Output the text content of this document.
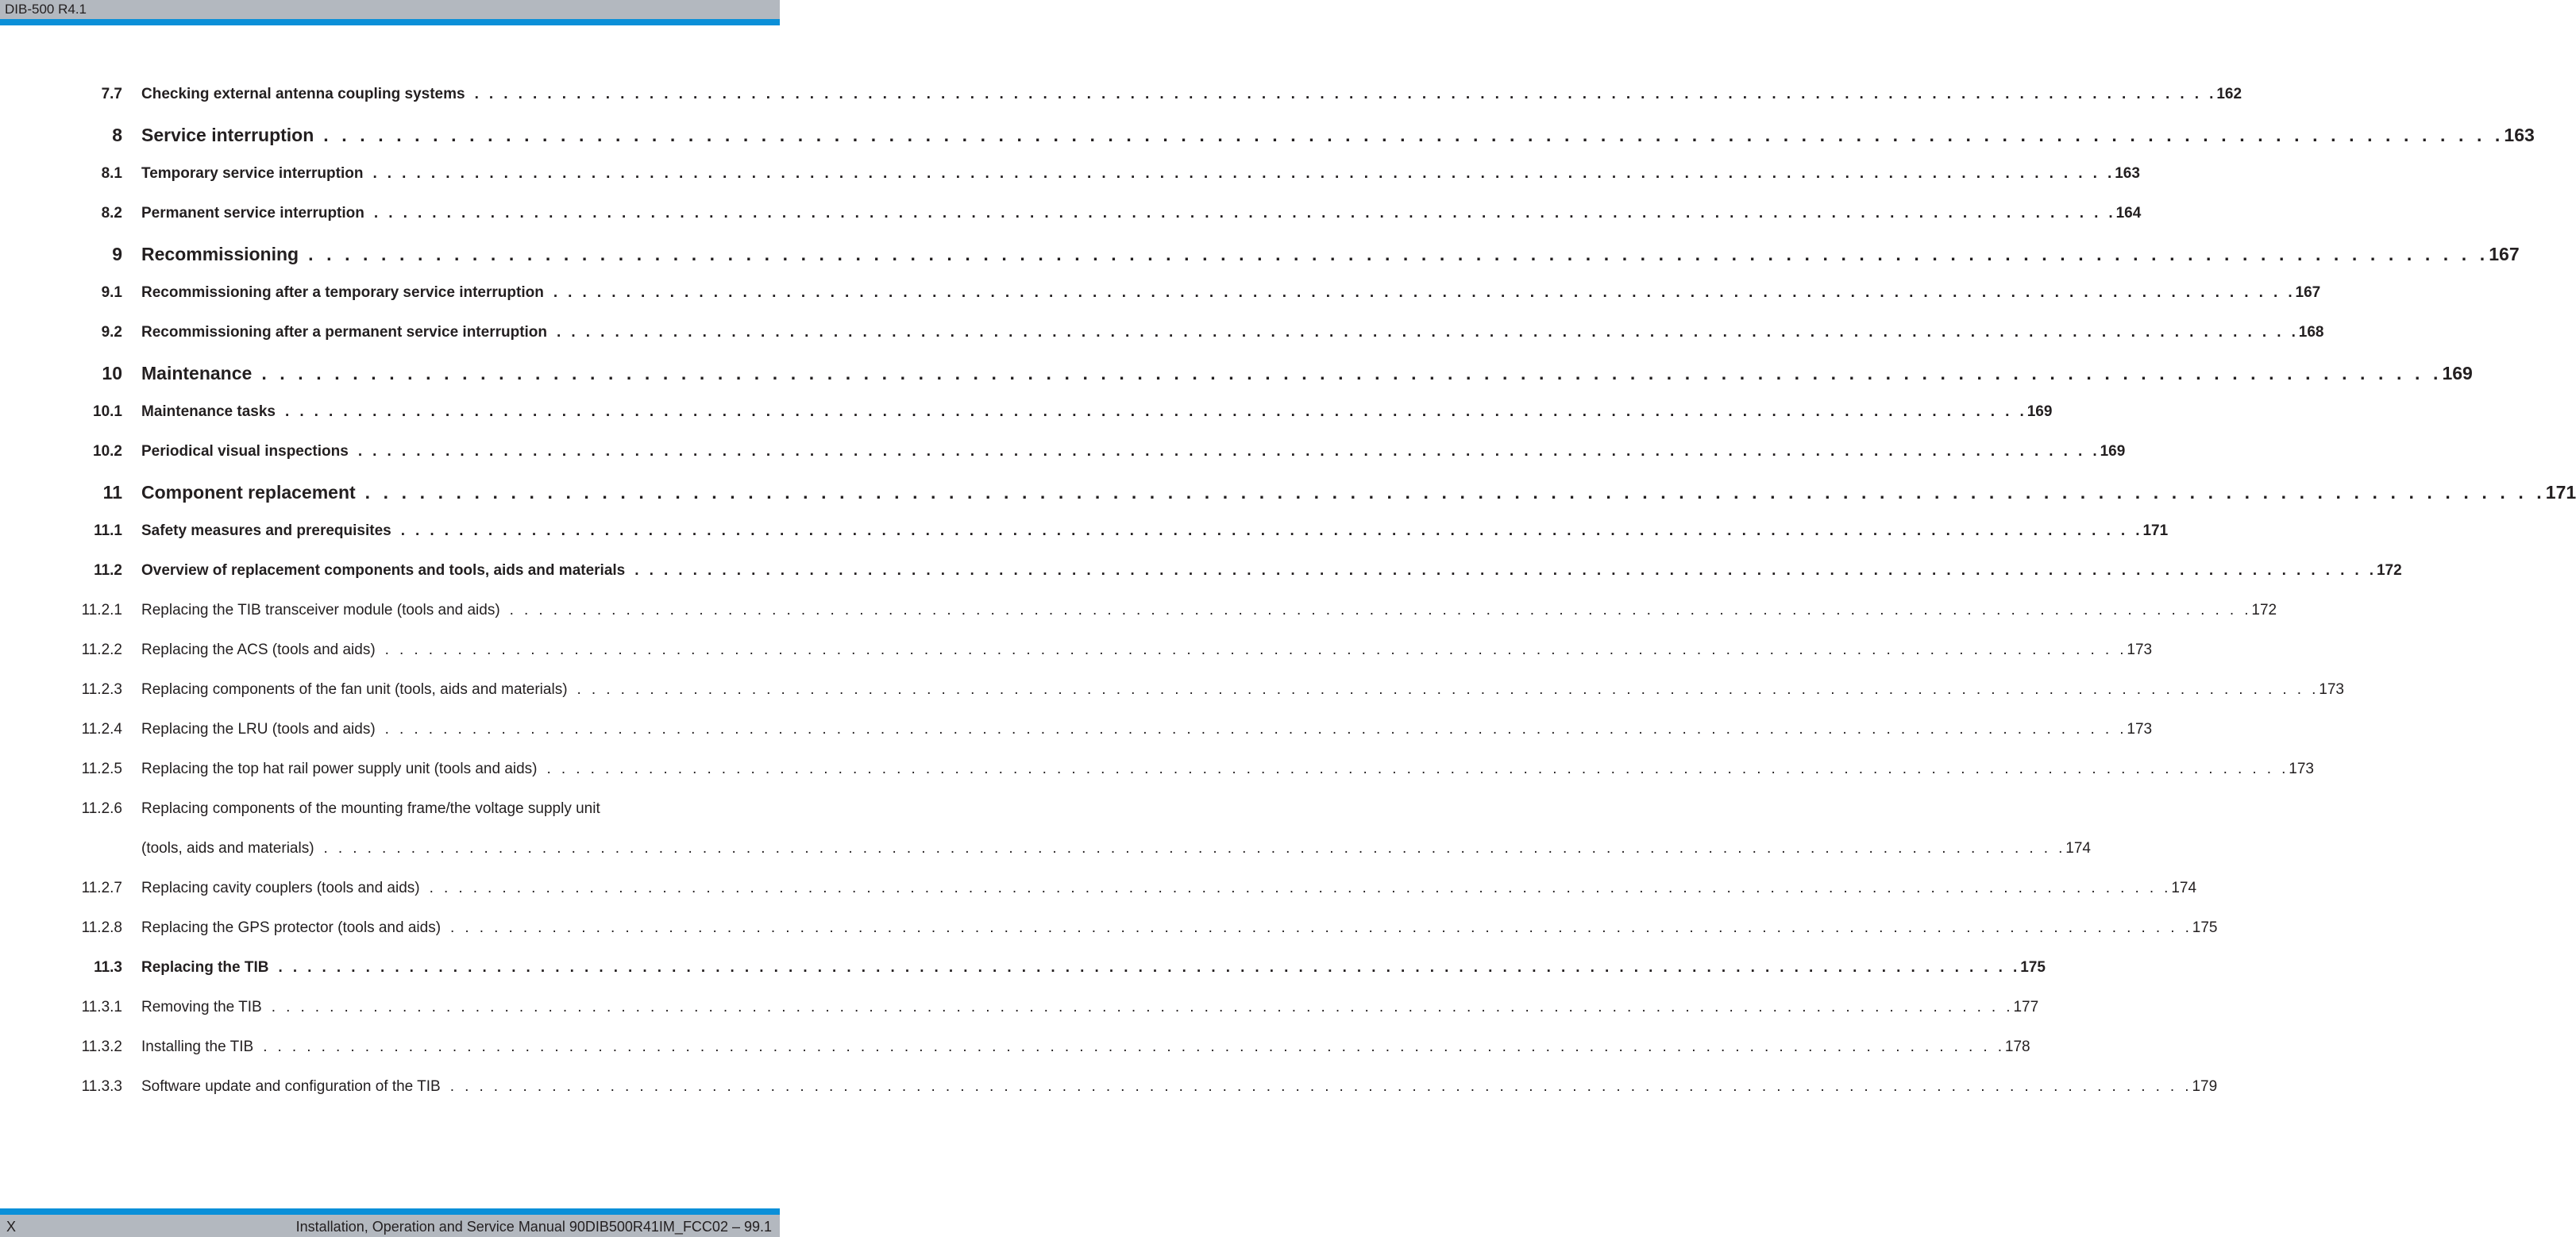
DIB-500 R4.1
7.7 Checking external antenna coupling systems . . . . . . . . . . . . . . . . . . . . . . . . . . . . . . . . . . . . . . . . . . . . . . . . . . . . . . . . . . . . . . . . . . . . . . . . . . . . . . . . . . . . . . . . . . . . . . . . . . . . . . . . . . . . . . . . . . . . . . . . 162
8 Service interruption . . . . . . . . . . . . . . . . . . . . . . . . . . . . . . . . . . . . . . . . . . . . . . . . . . . . . . . . . . . . . . . . . . . . . . . . . . . . . . . . . . . . . . . . . . . . . . . . . . . . . . . . . . . . . . . . . . . . . . . . 163
8.1 Temporary service interruption . . . . . . . . . . . . . . . . . . . . . . . . . . . . . . . . . . . . . . . . . . . . . . . . . . . . . . . . . . . . . . . . . . . . . . . . . . . . . . . . . . . . . . . . . . . . . . . . . . . . . . . . . . . . . . . . . . . . . . . . 163
8.2 Permanent service interruption . . . . . . . . . . . . . . . . . . . . . . . . . . . . . . . . . . . . . . . . . . . . . . . . . . . . . . . . . . . . . . . . . . . . . . . . . . . . . . . . . . . . . . . . . . . . . . . . . . . . . . . . . . . . . . . . . . . . . . . . 164
9 Recommissioning . . . . . . . . . . . . . . . . . . . . . . . . . . . . . . . . . . . . . . . . . . . . . . . . . . . . . . . . . . . . . . . . . . . . . . . . . . . . . . . . . . . . . . . . . . . . . . . . . . . . . . . . . . . . . . . . . . . . . . . . 167
9.1 Recommissioning after a temporary service interruption . . . . . . . . . . . . . . . . . . . . . . . . . . . . . . . . . . . . . . . . . . . . . . . . . . . . . . . . . . . . . . . . . . . . . . . . . . . . . . . . . . . . . . . . . . . . . . . . . . . . . . . . . . . . . . . . . . . . . . . . 167
9.2 Recommissioning after a permanent service interruption . . . . . . . . . . . . . . . . . . . . . . . . . . . . . . . . . . . . . . . . . . . . . . . . . . . . . . . . . . . . . . . . . . . . . . . . . . . . . . . . . . . . . . . . . . . . . . . . . . . . . . . . . . . . . . . . . . . . . . . . 168
10 Maintenance . . . . . . . . . . . . . . . . . . . . . . . . . . . . . . . . . . . . . . . . . . . . . . . . . . . . . . . . . . . . . . . . . . . . . . . . . . . . . . . . . . . . . . . . . . . . . . . . . . . . . . . . . . . . . . . . . . . . . . . . 169
10.1 Maintenance tasks . . . . . . . . . . . . . . . . . . . . . . . . . . . . . . . . . . . . . . . . . . . . . . . . . . . . . . . . . . . . . . . . . . . . . . . . . . . . . . . . . . . . . . . . . . . . . . . . . . . . . . . . . . . . . . . . . . . . . . . . 169
10.2 Periodical visual inspections . . . . . . . . . . . . . . . . . . . . . . . . . . . . . . . . . . . . . . . . . . . . . . . . . . . . . . . . . . . . . . . . . . . . . . . . . . . . . . . . . . . . . . . . . . . . . . . . . . . . . . . . . . . . . . . . . . . . . . . . 169
11 Component replacement . . . . . . . . . . . . . . . . . . . . . . . . . . . . . . . . . . . . . . . . . . . . . . . . . . . . . . . . . . . . . . . . . . . . . . . . . . . . . . . . . . . . . . . . . . . . . . . . . . . . . . . . . . . . . . . . . . . . . . . . 171
11.1 Safety measures and prerequisites . . . . . . . . . . . . . . . . . . . . . . . . . . . . . . . . . . . . . . . . . . . . . . . . . . . . . . . . . . . . . . . . . . . . . . . . . . . . . . . . . . . . . . . . . . . . . . . . . . . . . . . . . . . . . . . . . . . . . . . . 171
11.2 Overview of replacement components and tools, aids and materials . . . . . . . . . . . . . . . . . . . . . . . . . . . . . . . . . . . . . . . . . . . . . . . . . . . . . . . . . . . . . . . . . . . . . . . . . . . . . . . . . . . . . . . . . . . . . . . . . . . . . . . . . . . . . . . . . . . . . . . . 172
11.2.1 Replacing the TIB transceiver module (tools and aids) . . . . . . . . . . . . . . . . . . . . . . . . . . . . . . . . . . . . . . . . . . . . . . . . . . . . . . . . . . . . . . . . . . . . . . . . . . . . . . . . . . . . . . . . . . . . . . . . . . . . . . . . . . . . . . . . . . . . . . . . 172
11.2.2 Replacing the ACS (tools and aids) . . . . . . . . . . . . . . . . . . . . . . . . . . . . . . . . . . . . . . . . . . . . . . . . . . . . . . . . . . . . . . . . . . . . . . . . . . . . . . . . . . . . . . . . . . . . . . . . . . . . . . . . . . . . . . . . . . . . . . . . 173
11.2.3 Replacing components of the fan unit (tools, aids and materials) . . . . . . . . . . . . . . . . . . . . . . . . . . . . . . . . . . . . . . . . . . . . . . . . . . . . . . . . . . . . . . . . . . . . . . . . . . . . . . . . . . . . . . . . . . . . . . . . . . . . . . . . . . . . . . . . . . . . . . . . 173
11.2.4 Replacing the LRU (tools and aids) . . . . . . . . . . . . . . . . . . . . . . . . . . . . . . . . . . . . . . . . . . . . . . . . . . . . . . . . . . . . . . . . . . . . . . . . . . . . . . . . . . . . . . . . . . . . . . . . . . . . . . . . . . . . . . . . . . . . . . . . 173
11.2.5 Replacing the top hat rail power supply unit (tools and aids) . . . . . . . . . . . . . . . . . . . . . . . . . . . . . . . . . . . . . . . . . . . . . . . . . . . . . . . . . . . . . . . . . . . . . . . . . . . . . . . . . . . . . . . . . . . . . . . . . . . . . . . . . . . . . . . . . . . . . . . . 173
11.2.6 Replacing components of the mounting frame/the voltage supply unit
(tools, aids and materials) . . . . . . . . . . . . . . . . . . . . . . . . . . . . . . . . . . . . . . . . . . . . . . . . . . . . . . . . . . . . . . . . . . . . . . . . . . . . . . . . . . . . . . . . . . . . . . . . . . . . . . . . . . . . . . . . . . . . . . . . 174
11.2.7 Replacing cavity couplers (tools and aids) . . . . . . . . . . . . . . . . . . . . . . . . . . . . . . . . . . . . . . . . . . . . . . . . . . . . . . . . . . . . . . . . . . . . . . . . . . . . . . . . . . . . . . . . . . . . . . . . . . . . . . . . . . . . . . . . . . . . . . . . 174
11.2.8 Replacing the GPS protector (tools and aids) . . . . . . . . . . . . . . . . . . . . . . . . . . . . . . . . . . . . . . . . . . . . . . . . . . . . . . . . . . . . . . . . . . . . . . . . . . . . . . . . . . . . . . . . . . . . . . . . . . . . . . . . . . . . . . . . . . . . . . . . 175
11.3 Replacing the TIB . . . . . . . . . . . . . . . . . . . . . . . . . . . . . . . . . . . . . . . . . . . . . . . . . . . . . . . . . . . . . . . . . . . . . . . . . . . . . . . . . . . . . . . . . . . . . . . . . . . . . . . . . . . . . . . . . . . . . . . . 175
11.3.1 Removing the TIB . . . . . . . . . . . . . . . . . . . . . . . . . . . . . . . . . . . . . . . . . . . . . . . . . . . . . . . . . . . . . . . . . . . . . . . . . . . . . . . . . . . . . . . . . . . . . . . . . . . . . . . . . . . . . . . . . . . . . . . . 177
11.3.2 Installing the TIB . . . . . . . . . . . . . . . . . . . . . . . . . . . . . . . . . . . . . . . . . . . . . . . . . . . . . . . . . . . . . . . . . . . . . . . . . . . . . . . . . . . . . . . . . . . . . . . . . . . . . . . . . . . . . . . . . . . . . . . . 178
11.3.3 Software update and configuration of the TIB . . . . . . . . . . . . . . . . . . . . . . . . . . . . . . . . . . . . . . . . . . . . . . . . . . . . . . . . . . . . . . . . . . . . . . . . . . . . . . . . . . . . . . . . . . . . . . . . . . . . . . . . . . . . . . . . . . . . . . . . 179
X	Installation, Operation and Service Manual 90DIB500R41IM_FCC02 – 99.1
